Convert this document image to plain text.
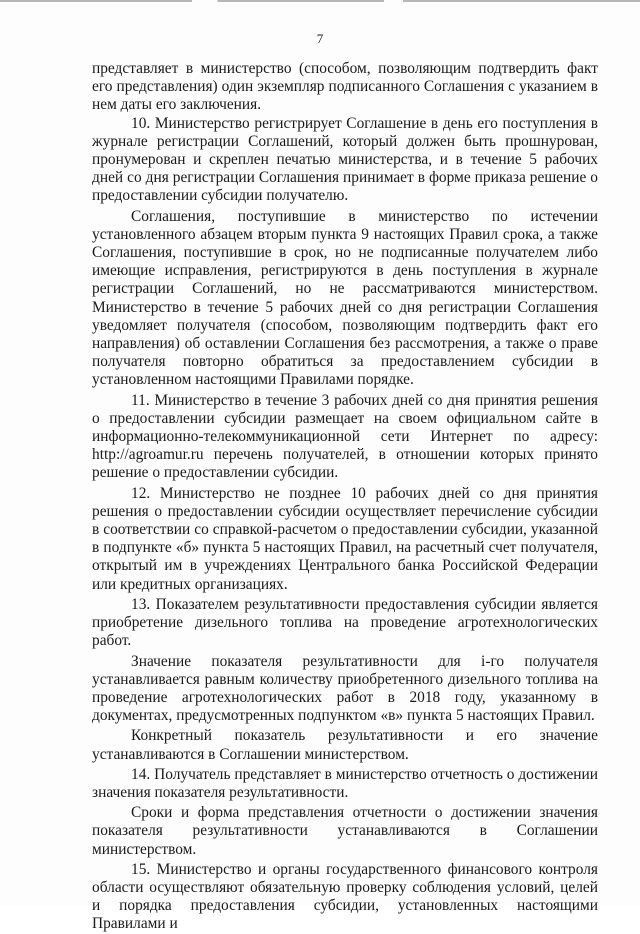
7

представляет в министерство (способом, позволяющим подтвердить факт его представления) один экземпляр подписанного Соглашения с указанием в нем даты его заключения.

10. Министерство регистрирует Соглашение в день его поступления в журнале регистрации Соглашений, который должен быть прошнурован, пронумерован и скреплен печатью министерства, и в течение 5 рабочих дней со дня регистрации Соглашения принимает в форме приказа решение о предоставлении субсидии получателю.

Соглашения, поступившие в министерство по истечении установленного абзацем вторым пункта 9 настоящих Правил срока, а также Соглашения, поступившие в срок, но не подписанные получателем либо имеющие исправления, регистрируются в день поступления в журнале регистрации Соглашений, но не рассматриваются министерством. Министерство в течение 5 рабочих дней со дня регистрации Соглашения уведомляет получателя (способом, позволяющим подтвердить факт его направления) об оставлении Соглашения без рассмотрения, а также о праве получателя повторно обратиться за предоставлением субсидии в установленном настоящими Правилами порядке.

11. Министерство в течение 3 рабочих дней со дня принятия решения о предоставлении субсидии размещает на своем официальном сайте в информационно-телекоммуникационной сети Интернет по адресу: http://agroamur.ru перечень получателей, в отношении которых принято решение о предоставлении субсидии.

12. Министерство не позднее 10 рабочих дней со дня принятия решения о предоставлении субсидии осуществляет перечисление субсидии в соответствии со справкой-расчетом о предоставлении субсидии, указанной в подпункте «б» пункта 5 настоящих Правил, на расчетный счет получателя, открытый им в учреждениях Центрального банка Российской Федерации или кредитных организациях.

13. Показателем результативности предоставления субсидии является приобретение дизельного топлива на проведение агротехнологических работ.

Значение показателя результативности для i-го получателя устанавливается равным количеству приобретенного дизельного топлива на проведение агротехнологических работ в 2018 году, указанному в документах, предусмотренных подпунктом «в» пункта 5 настоящих Правил.

Конкретный показатель результативности и его значение устанавливаются в Соглашении министерством.

14. Получатель представляет в министерство отчетность о достижении значения показателя результативности.

Сроки и форма представления отчетности о достижении значения показателя результативности устанавливаются в Соглашении министерством.

15. Министерство и органы государственного финансового контроля области осуществляют обязательную проверку соблюдения условий, целей и порядка предоставления субсидии, установленных настоящими Правилами и
